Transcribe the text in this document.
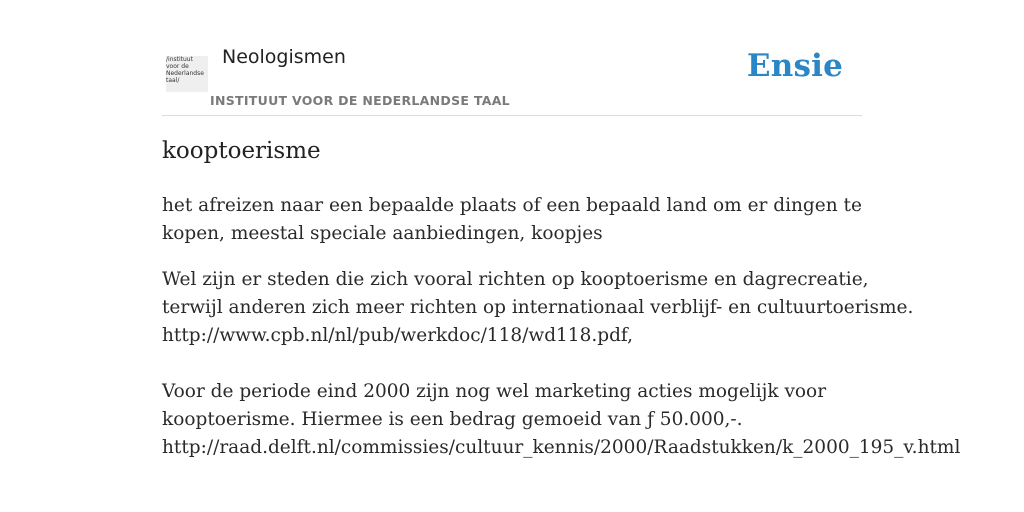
/instituut
voor de
Nederlandse
taal/
Neologismen
INSTITUUT VOOR DE NEDERLANDSE TAAL
Ensie
kooptoerisme
het afreizen naar een bepaalde plaats of een bepaald land om er dingen te kopen, meestal speciale aanbiedingen, koopjes
Wel zijn er steden die zich vooral richten op kooptoerisme en dagrecreatie,
terwijl anderen zich meer richten op internationaal verblijf- en cultuurtoerisme.
http://www.cpb.nl/nl/pub/werkdoc/118/wd118.pdf,
Voor de periode eind 2000 zijn nog wel marketing acties mogelijk voor
kooptoerisme. Hiermee is een bedrag gemoeid van ƒ 50.000,-.
http://raad.delft.nl/commissies/cultuur_kennis/2000/Raadstukken/k_2000_195_v.html
